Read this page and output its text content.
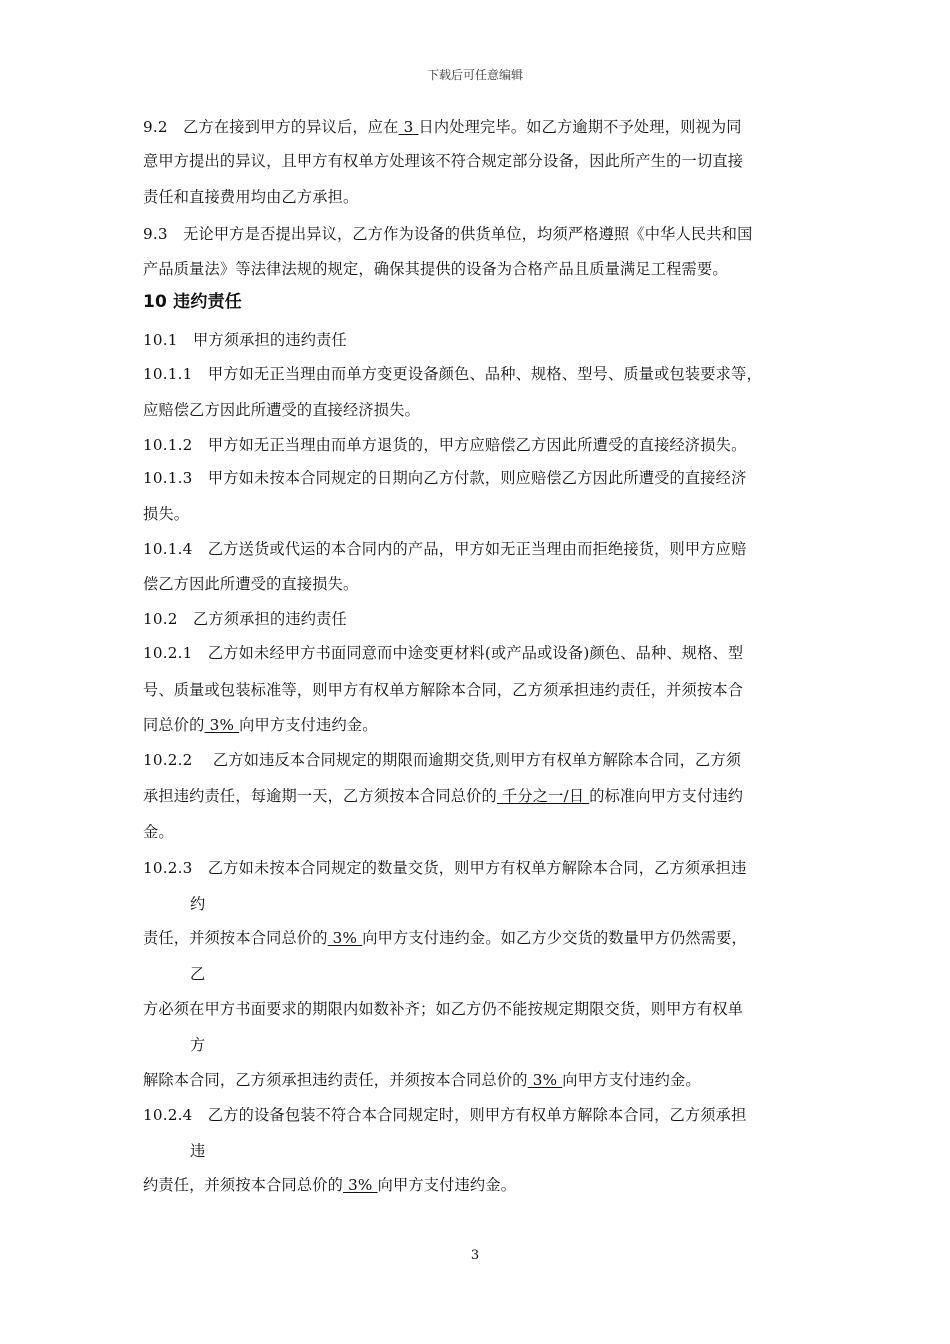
下载后可任意编辑
9.2　乙方在接到甲方的异议后，应在 3 日内处理完毕。如乙方逾期不予处理，则视为同
意甲方提出的异议，且甲方有权单方处理该不符合规定部分设备，因此所产生的一切直接
责任和直接费用均由乙方承担。
9.3　无论甲方是否提出异议，乙方作为设备的供货单位，均须严格遵照《中华人民共和国
产品质量法》等法律法规的规定，确保其提供的设备为合格产品且质量满足工程需要。
10 违约责任
10.1　甲方须承担的违约责任
10.1.1　甲方如无正当理由而单方变更设备颜色、品种、规格、型号、质量或包装要求等，
应赔偿乙方因此所遭受的直接经济损失。
10.1.2　甲方如无正当理由而单方退货的，甲方应赔偿乙方因此所遭受的直接经济损失。
10.1.3　甲方如未按本合同规定的日期向乙方付款，则应赔偿乙方因此所遭受的直接经济
损失。
10.1.4　乙方送货或代运的本合同内的产品，甲方如无正当理由而拒绝接货，则甲方应赔
偿乙方因此所遭受的直接损失。
10.2　乙方须承担的违约责任
10.2.1　乙方如未经甲方书面同意而中途变更材料(或产品或设备)颜色、品种、规格、型
号、质量或包装标准等，则甲方有权单方解除本合同，乙方须承担违约责任，并须按本合
同总价的 3% 向甲方支付违约金。
10.2.2　 乙方如违反本合同规定的期限而逾期交货,则甲方有权单方解除本合同，乙方须
承担违约责任，每逾期一天，乙方须按本合同总价的 千分之一/日 的标准向甲方支付违约
金。
10.2.3　乙方如未按本合同规定的数量交货，则甲方有权单方解除本合同，乙方须承担违
约
责任，并须按本合同总价的 3% 向甲方支付违约金。如乙方少交货的数量甲方仍然需要，
乙
方必须在甲方书面要求的期限内如数补齐；如乙方仍不能按规定期限交货，则甲方有权单
方
解除本合同，乙方须承担违约责任，并须按本合同总价的 3% 向甲方支付违约金。
10.2.4　乙方的设备包装不符合本合同规定时，则甲方有权单方解除本合同，乙方须承担
违
约责任，并须按本合同总价的 3% 向甲方支付违约金。
3
